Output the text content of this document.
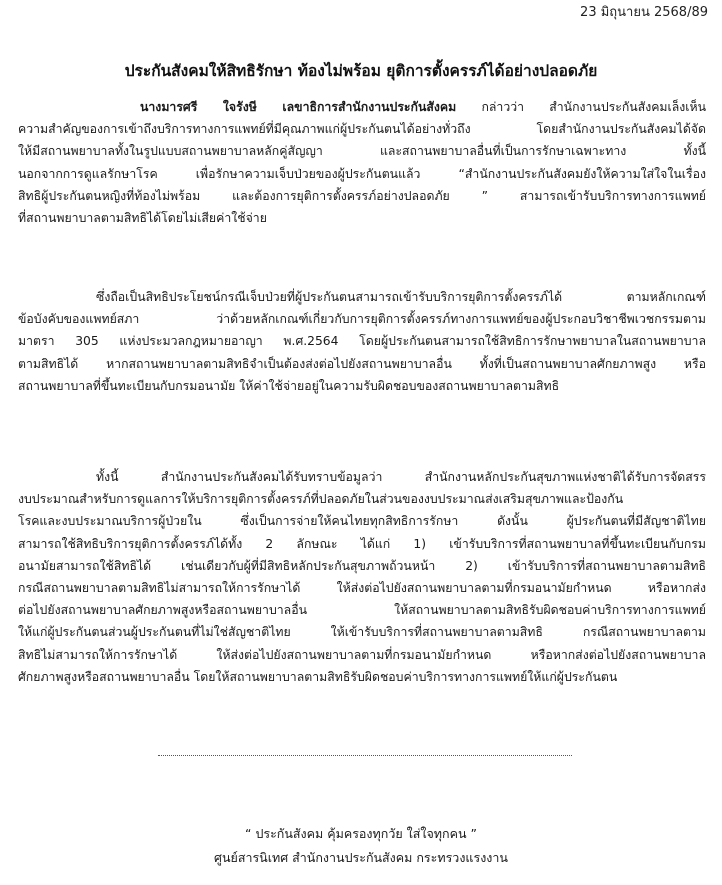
23 มิถุนายน 2568/89
ประกันสังคมให้สิทธิรักษา ท้องไม่พร้อม ยุติการตั้งครรภ์ได้อย่างปลอดภัย
นางมารศรี ใจรังษี เลขาธิการสำนักงานประกันสังคม กล่าวว่า สำนักงานประกันสังคมเล็งเห็น
ความสำคัญของการเข้าถึงบริการทางการแพทย์ที่มีคุณภาพแก่ผู้ประกันตนได้อย่างทั่วถึง โดยสำนักงานประกันสังคมได้จัด
ให้มีสถานพยาบาลทั้งในรูปแบบสถานพยาบาลหลักคู่สัญญา และสถานพยาบาลอื่นที่เป็นการรักษาเฉพาะทาง ทั้งนี้
นอกจากการดูแลรักษาโรค เพื่อรักษาความเจ็บป่วยของผู้ประกันตนแล้ว “สำนักงานประกันสังคมยังให้ความใส่ใจในเรื่อง
สิทธิผู้ประกันตนหญิงที่ท้องไม่พร้อม และต้องการยุติการตั้งครรภ์อย่างปลอดภัย ” สามารถเข้ารับบริการทางการแพทย์
ที่สถานพยาบาลตามสิทธิได้โดยไม่เสียค่าใช้จ่าย
ซึ่งถือเป็นสิทธิประโยชน์กรณีเจ็บป่วยที่ผู้ประกันตนสามารถเข้ารับบริการยุติการตั้งครรภ์ได้ ตามหลักเกณฑ์
ข้อบังคับของแพทย์สภา ว่าด้วยหลักเกณฑ์เกี่ยวกับการยุติการตั้งครรภ์ทางการแพทย์ของผู้ประกอบวิชาชีพเวชกรรมตาม
มาตรา 305 แห่งประมวลกฎหมายอาญา พ.ศ.2564 โดยผู้ประกันตนสามารถใช้สิทธิการรักษาพยาบาลในสถานพยาบาล
ตามสิทธิได้ หากสถานพยาบาลตามสิทธิจำเป็นต้องส่งต่อไปยังสถานพยาบาลอื่น ทั้งที่เป็นสถานพยาบาลศักยภาพสูง หรือ
สถานพยาบาลที่ขึ้นทะเบียนกับกรมอนามัย ให้ค่าใช้จ่ายอยู่ในความรับผิดชอบของสถานพยาบาลตามสิทธิ
ทั้งนี้ สำนักงานประกันสังคมได้รับทราบข้อมูลว่า สำนักงานหลักประกันสุขภาพแห่งชาติได้รับการจัดสรร
งบประมาณสำหรับการดูแลการให้บริการยุติการตั้งครรภ์ที่ปลอดภัยในส่วนของงบประมาณส่งเสริมสุขภาพและป้องกัน
โรคและงบประมาณบริการผู้ป่วยใน ซึ่งเป็นการจ่ายให้คนไทยทุกสิทธิการรักษา ดังนั้น ผู้ประกันตนที่มีสัญชาติไทย
สามารถใช้สิทธิบริการยุติการตั้งครรภ์ได้ทั้ง 2 ลักษณะ ได้แก่ 1) เข้ารับบริการที่สถานพยาบาลที่ขึ้นทะเบียนกับกรม
อนามัยสามารถใช้สิทธิได้ เช่นเดียวกับผู้ที่มีสิทธิหลักประกันสุขภาพถ้วนหน้า 2) เข้ารับบริการที่สถานพยาบาลตามสิทธิ
กรณีสถานพยาบาลตามสิทธิไม่สามารถให้การรักษาได้ ให้ส่งต่อไปยังสถานพยาบาลตามที่กรมอนามัยกำหนด หรือหากส่ง
ต่อไปยังสถานพยาบาลศักยภาพสูงหรือสถานพยาบาลอื่น ให้สถานพยาบาลตามสิทธิรับผิดชอบค่าบริการทางการแพทย์
ให้แก่ผู้ประกันตนส่วนผู้ประกันตนที่ไม่ใช่สัญชาติไทย ให้เข้ารับบริการที่สถานพยาบาลตามสิทธิ กรณีสถานพยาบาลตาม
สิทธิไม่สามารถให้การรักษาได้ ให้ส่งต่อไปยังสถานพยาบาลตามที่กรมอนามัยกำหนด หรือหากส่งต่อไปยังสถานพยาบาล
ศักยภาพสูงหรือสถานพยาบาลอื่น โดยให้สถานพยาบาลตามสิทธิรับผิดชอบค่าบริการทางการแพทย์ให้แก่ผู้ประกันตน
“ ประกันสังคม คุ้มครองทุกวัย ใส่ใจทุกคน ”
ศูนย์สารนิเทศ สำนักงานประกันสังคม กระทรวงแรงงาน
